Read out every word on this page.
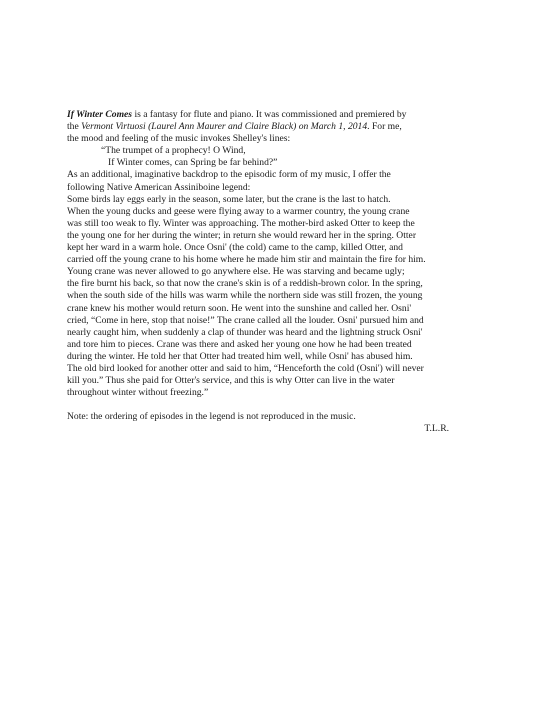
If Winter Comes is a fantasy for flute and piano. It was commissioned and premiered by
the Vermont Virtuosi (Laurel Ann Maurer and Claire Black) on March 1, 2014. For me,
the mood and feeling of the music invokes Shelley's lines:
“The trumpet of a prophecy! O Wind,
If Winter comes, can Spring be far behind?”
As an additional, imaginative backdrop to the episodic form of my music, I offer the
following Native American Assiniboine legend:
Some birds lay eggs early in the season, some later, but the crane is the last to hatch.
When the young ducks and geese were flying away to a warmer country, the young crane
was still too weak to fly. Winter was approaching. The mother-bird asked Otter to keep the
the young one for her during the winter; in return she would reward her in the spring. Otter
kept her ward in a warm hole. Once Osni' (the cold) came to the camp, killed Otter, and
carried off the young crane to his home where he made him stir and maintain the fire for him.
Young crane was never allowed to go anywhere else. He was starving and became ugly;
the fire burnt his back, so that now the crane's skin is of a reddish-brown color. In the spring,
when the south side of the hills was warm while the northern side was still frozen, the young
crane knew his mother would return soon. He went into the sunshine and called her. Osni'
cried, “Come in here, stop that noise!” The crane called all the louder. Osni' pursued him and
nearly caught him, when suddenly a clap of thunder was heard and the lightning struck Osni'
and tore him to pieces. Crane was there and asked her young one how he had been treated
during the winter. He told her that Otter had treated him well, while Osni' has abused him.
The old bird looked for another otter and said to him, “Henceforth the cold (Osni') will never
kill you.” Thus she paid for Otter's service, and this is why Otter can live in the water
throughout winter without freezing.”
Note: the ordering of episodes in the legend is not reproduced in the music.
T.L.R.
